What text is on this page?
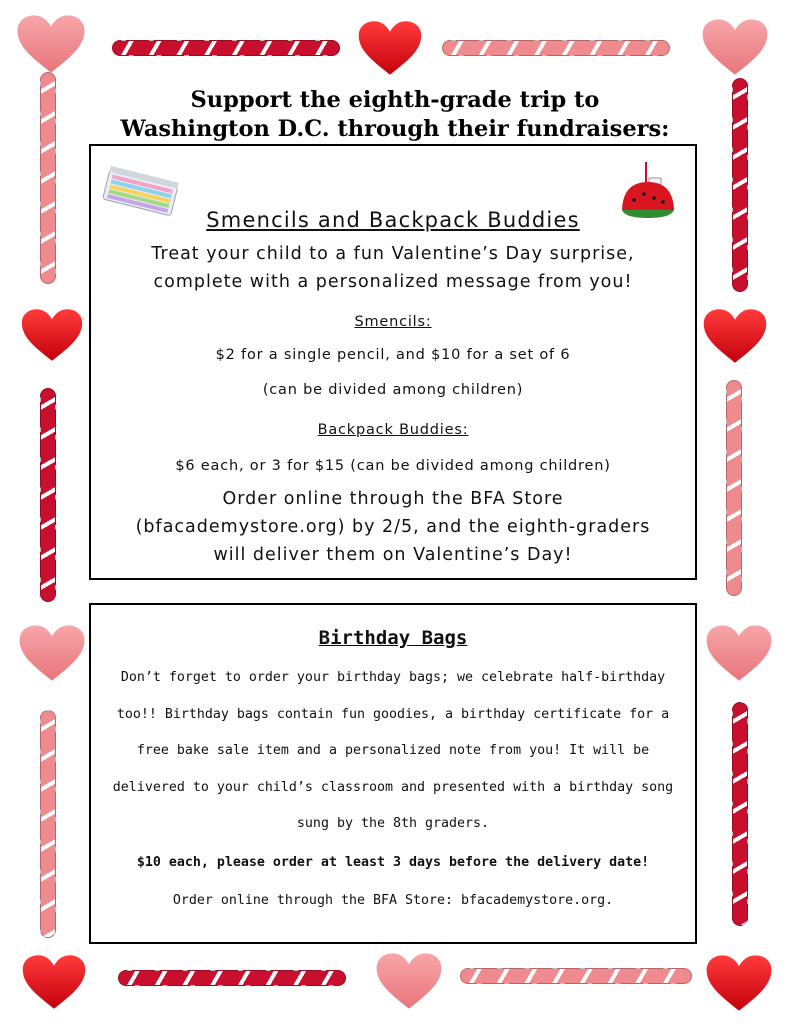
Support the eighth-grade trip to
Washington D.C. through their fundraisers:
Smencils and Backpack Buddies

Treat your child to a fun Valentine’s Day surprise,

complete with a personalized message from you!

Smencils:

$2 for a single pencil, and $10 for a set of 6

(can be divided among children)

Backpack Buddies:

$6 each, or 3 for $15 (can be divided among children)

Order online through the BFA Store

(bfacademystore.org) by 2/5, and the eighth-graders

will deliver them on Valentine’s Day!

Birthday Bags

Don’t forget to order your birthday bags; we celebrate half-birthday too!! Birthday bags contain fun goodies, a birthday certificate for a free bake sale item and a personalized note from you! It will be delivered to your child’s classroom and presented with a birthday song sung by the 8th graders.

$10 each, please order at least 3 days before the delivery date!
Order online through the BFA Store: bfacademystore.org.
